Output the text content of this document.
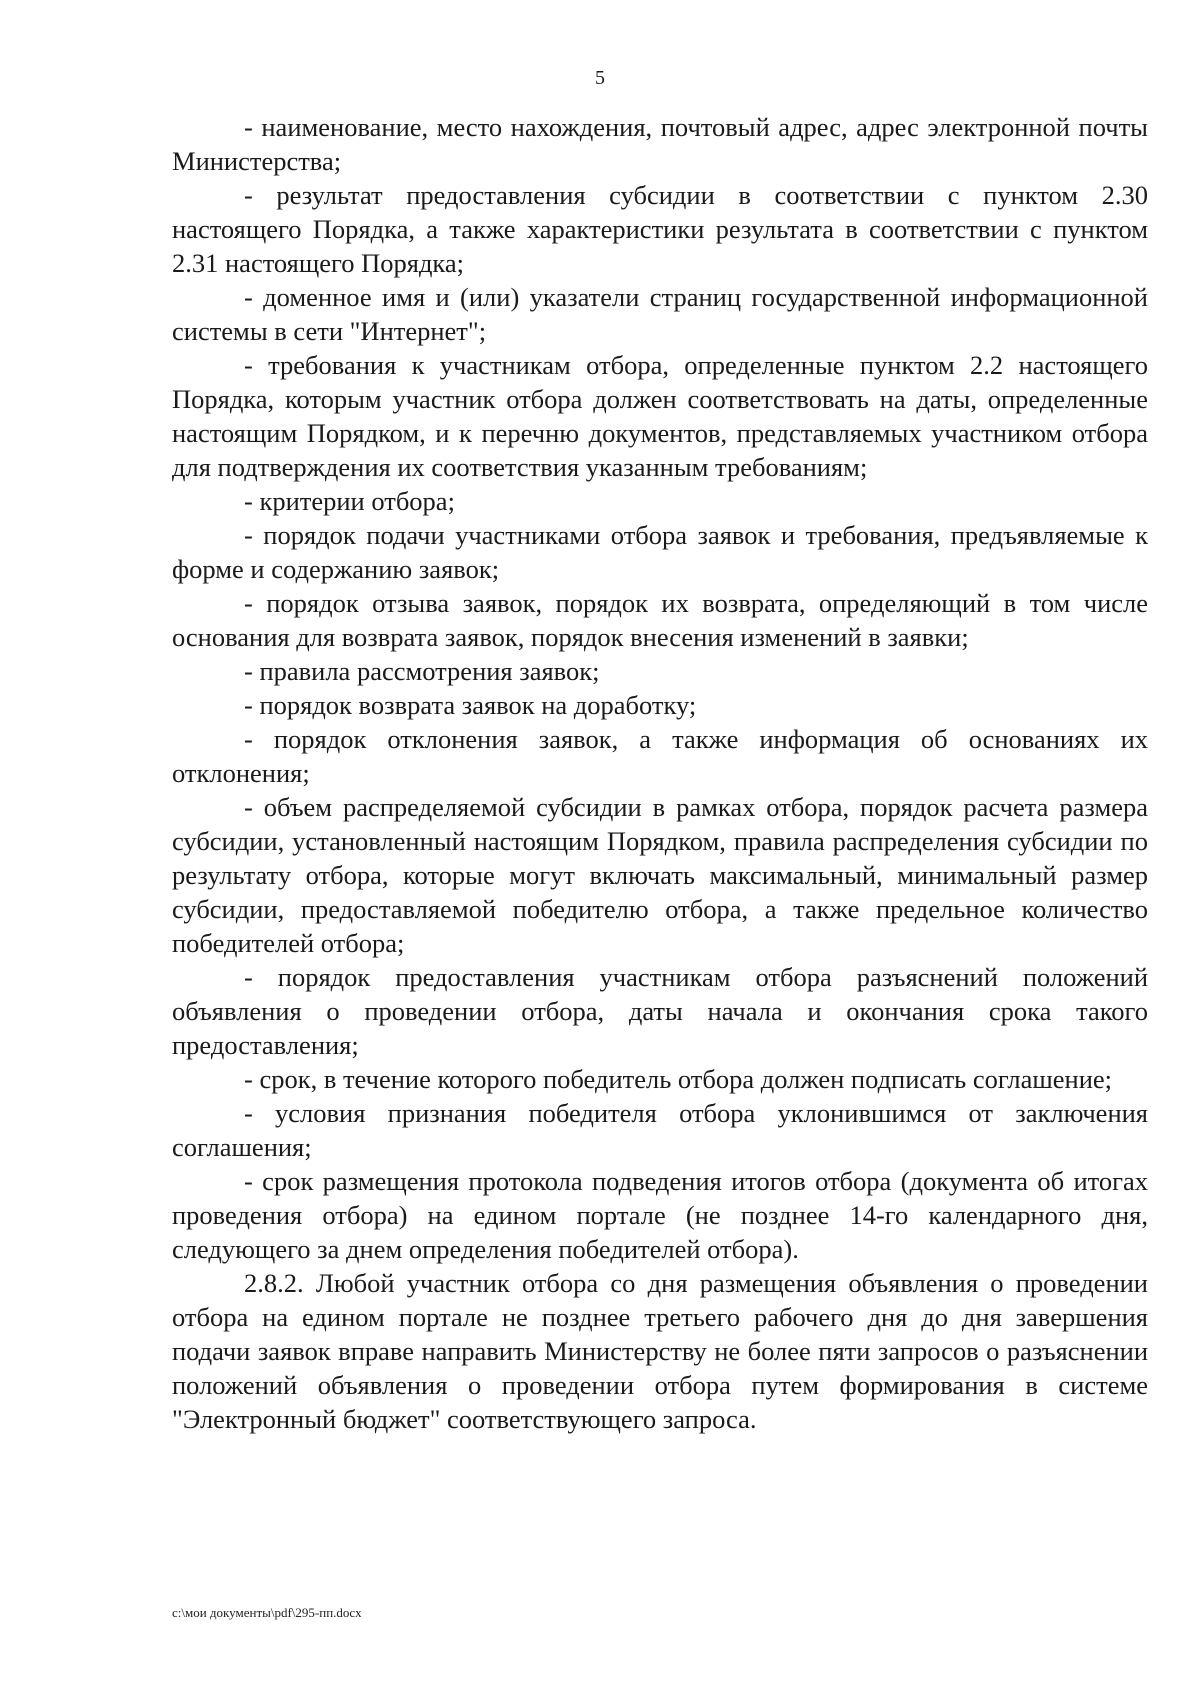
5

- наименование, место нахождения, почтовый адрес, адрес электронной почты Министерства;

- результат предоставления субсидии в соответствии с пунктом 2.30 настоящего Порядка, а также характеристики результата в соответствии с пунктом 2.31 настоящего Порядка;

- доменное имя и (или) указатели страниц государственной информационной системы в сети "Интернет";

- требования к участникам отбора, определенные пунктом 2.2 настоящего Порядка, которым участник отбора должен соответствовать на даты, определенные настоящим Порядком, и к перечню документов, представляемых участником отбора для подтверждения их соответствия указанным требованиям;

- критерии отбора;

- порядок подачи участниками отбора заявок и требования, предъявляемые к форме и содержанию заявок;

- порядок отзыва заявок, порядок их возврата, определяющий в том числе основания для возврата заявок, порядок внесения изменений в заявки;

- правила рассмотрения заявок;

- порядок возврата заявок на доработку;

- порядок отклонения заявок, а также информация об основаниях их отклонения;

- объем распределяемой субсидии в рамках отбора, порядок расчета размера субсидии, установленный настоящим Порядком, правила распределения субсидии по результату отбора, которые могут включать максимальный, минимальный размер субсидии, предоставляемой победителю отбора, а также предельное количество победителей отбора;

- порядок предоставления участникам отбора разъяснений положений объявления о проведении отбора, даты начала и окончания срока такого предоставления;

- срок, в течение которого победитель отбора должен подписать соглашение;

- условия признания победителя отбора уклонившимся от заключения соглашения;

- срок размещения протокола подведения итогов отбора (документа об итогах проведения отбора) на едином портале (не позднее 14-го календарного дня, следующего за днем определения победителей отбора).

2.8.2. Любой участник отбора со дня размещения объявления о проведении отбора на едином портале не позднее третьего рабочего дня до дня завершения подачи заявок вправе направить Министерству не более пяти запросов о разъяснении положений объявления о проведении отбора путем формирования в системе "Электронный бюджет" соответствующего запроса.

c:\мои документы\pdf\295-пп.docx
